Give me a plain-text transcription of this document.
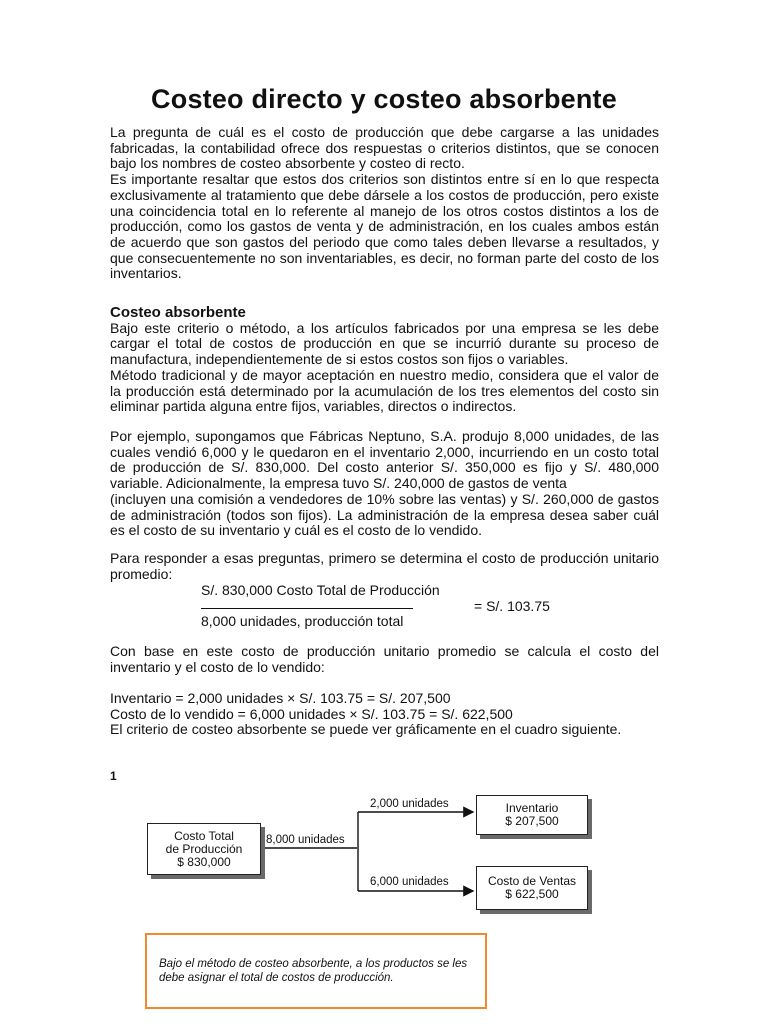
Costeo directo y costeo absorbente

La pregunta de cuál es el costo de producción que debe cargarse a las unidades fabricadas, la contabilidad ofrece dos respuestas o criterios distintos, que se conocen bajo los nombres de costeo absorbente y costeo di recto.

Es importante resaltar que estos dos criterios son distintos entre sí en lo que respecta exclusivamente al tratamiento que debe dársele a los costos de producción, pero existe una coincidencia total en lo referente al manejo de los otros costos distintos a los de producción, como los gastos de venta y de administración, en los cuales ambos están de acuerdo que son gastos del periodo que como tales deben llevarse a resultados, y que consecuentemente no son inventariables, es decir, no forman parte del costo de los inventarios.

Costeo absorbente

Bajo este criterio o método, a los artículos fabricados por una empresa se les debe cargar el total de costos de producción en que se incurrió durante su proceso de manufactura, independientemente de si estos costos son fijos o variables.

Método tradicional y de mayor aceptación en nuestro medio, considera que el valor de la producción está determinado por la acumulación de los tres elementos del costo sin eliminar partida alguna entre fijos, variables, directos o indirectos.

Por ejemplo, supongamos que Fábricas Neptuno, S.A. produjo 8,000 unidades, de las cuales vendió 6,000 y le quedaron en el inventario 2,000, incurriendo en un costo total de producción de S/. 830,000. Del costo anterior S/. 350,000 es fijo y S/. 480,000 variable. Adicionalmente, la empresa tuvo S/. 240,000 de gastos de venta

(incluyen una comisión a vendedores de 10% sobre las ventas) y S/. 260,000 de gastos de administración (todos son fijos). La administración de la empresa desea saber cuál es el costo de su inventario y cuál es el costo de lo vendido.

Para responder a esas preguntas, primero se determina el costo de producción unitario promedio:

S/. 830,000 Costo Total de Producción
= S/. 103.75
8,000 unidades, producción total

Con base en este costo de producción unitario promedio se calcula el costo del inventario y el costo de lo vendido:

Inventario = 2,000 unidades × S/. 103.75 = S/. 207,500

Costo de lo vendido = 6,000 unidades × S/. 103.75 = S/. 622,500

El criterio de costeo absorbente se puede ver gráficamente en el cuadro siguiente.

1
Costo Total
de Producción
$ 830,000
8,000 unidades
2,000 unidades
6,000 unidades
Inventario
$ 207,500
Costo de Ventas
$ 622,500
Bajo el método de costeo absorbente, a los productos se les debe asignar el total de costos de producción.
